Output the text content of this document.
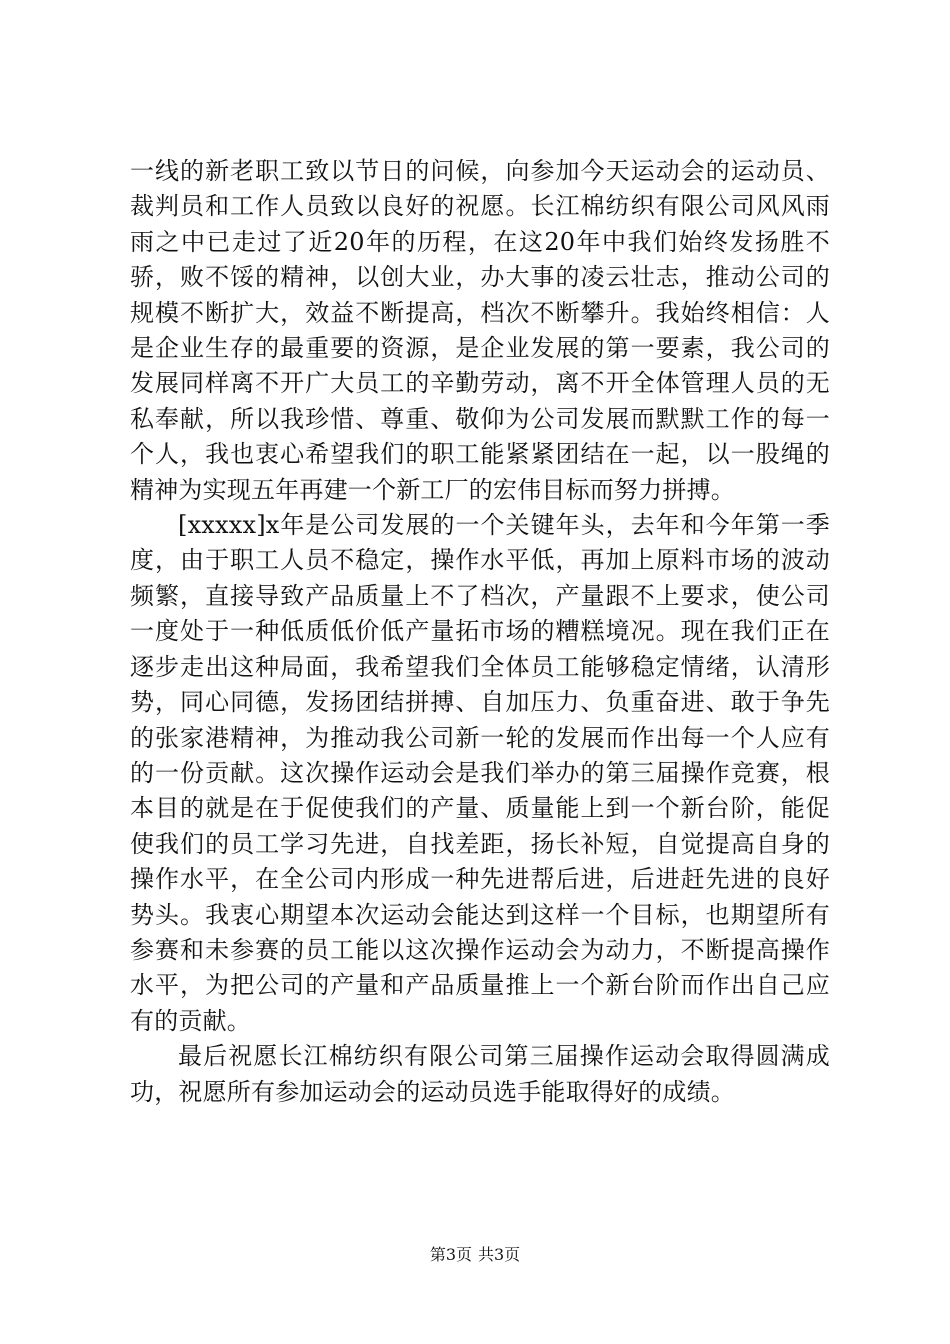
一线的新老职工致以节日的问候，向参加今天运动会的运动员、裁判员和工作人员致以良好的祝愿。长江棉纺织有限公司风风雨雨之中已走过了近20年的历程，在这20年中我们始终发扬胜不骄，败不馁的精神，以创大业，办大事的凌云壮志，推动公司的规模不断扩大，效益不断提高，档次不断攀升。我始终相信：人是企业生存的最重要的资源，是企业发展的第一要素，我公司的发展同样离不开广大员工的辛勤劳动，离不开全体管理人员的无私奉献，所以我珍惜、尊重、敬仰为公司发展而默默工作的每一个人，我也衷心希望我们的职工能紧紧团结在一起，以一股绳的精神为实现五年再建一个新工厂的宏伟目标而努力拼搏。

[xxxxx]x年是公司发展的一个关键年头，去年和今年第一季度，由于职工人员不稳定，操作水平低，再加上原料市场的波动频繁，直接导致产品质量上不了档次，产量跟不上要求，使公司一度处于一种低质低价低产量拓市场的糟糕境况。现在我们正在逐步走出这种局面，我希望我们全体员工能够稳定情绪，认清形势，同心同德，发扬团结拼搏、自加压力、负重奋进、敢于争先的张家港精神，为推动我公司新一轮的发展而作出每一个人应有的一份贡献。这次操作运动会是我们举办的第三届操作竞赛，根本目的就是在于促使我们的产量、质量能上到一个新台阶，能促使我们的员工学习先进，自找差距，扬长补短，自觉提高自身的操作水平，在全公司内形成一种先进帮后进，后进赶先进的良好势头。我衷心期望本次运动会能达到这样一个目标，也期望所有参赛和未参赛的员工能以这次操作运动会为动力，不断提高操作水平，为把公司的产量和产品质量推上一个新台阶而作出自己应有的贡献。

最后祝愿长江棉纺织有限公司第三届操作运动会取得圆满成功，祝愿所有参加运动会的运动员选手能取得好的成绩。

第3页 共3页
